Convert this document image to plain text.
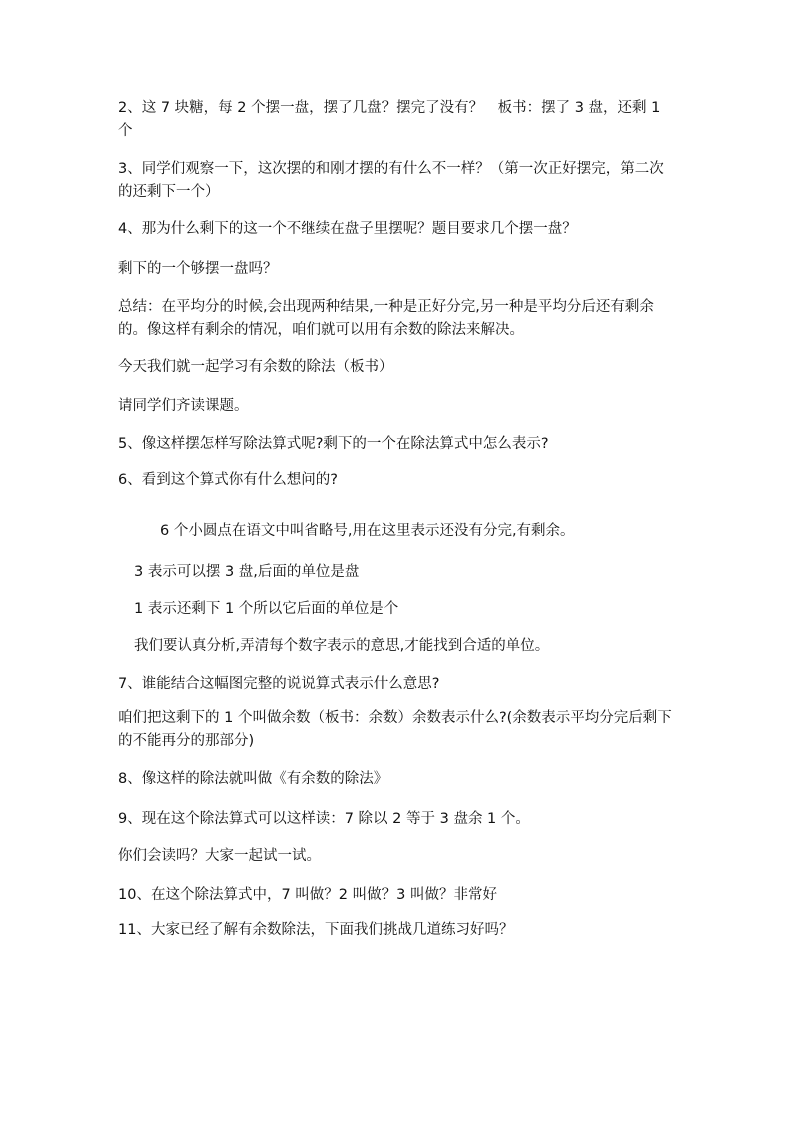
2、这 7 块糖，每 2 个摆一盘，摆了几盘？摆完了没有？　板书：摆了 3 盘，还剩 1 个
3、同学们观察一下，这次摆的和刚才摆的有什么不一样？（第一次正好摆完，第二次的还剩下一个）
4、那为什么剩下的这一个不继续在盘子里摆呢？题目要求几个摆一盘？
剩下的一个够摆一盘吗？
总结：在平均分的时候,会出现两种结果,一种是正好分完,另一种是平均分后还有剩余的。像这样有剩余的情况，咱们就可以用有余数的除法来解决。
今天我们就一起学习有余数的除法（板书）
请同学们齐读课题。
5、像这样摆怎样写除法算式呢?剩下的一个在除法算式中怎么表示?
6、看到这个算式你有什么想问的?
6 个小圆点在语文中叫省略号,用在这里表示还没有分完,有剩余。
3 表示可以摆 3 盘,后面的单位是盘
1 表示还剩下 1 个所以它后面的单位是个
我们要认真分析,弄清每个数字表示的意思,才能找到合适的单位。
7、谁能结合这幅图完整的说说算式表示什么意思?
咱们把这剩下的 1 个叫做余数（板书：余数）余数表示什么?(余数表示平均分完后剩下的不能再分的那部分)
8、像这样的除法就叫做《有余数的除法》
9、现在这个除法算式可以这样读：7 除以 2 等于 3 盘余 1 个。
你们会读吗？大家一起试一试。
10、在这个除法算式中，7 叫做？2 叫做？3 叫做？非常好
11、大家已经了解有余数除法，下面我们挑战几道练习好吗？
